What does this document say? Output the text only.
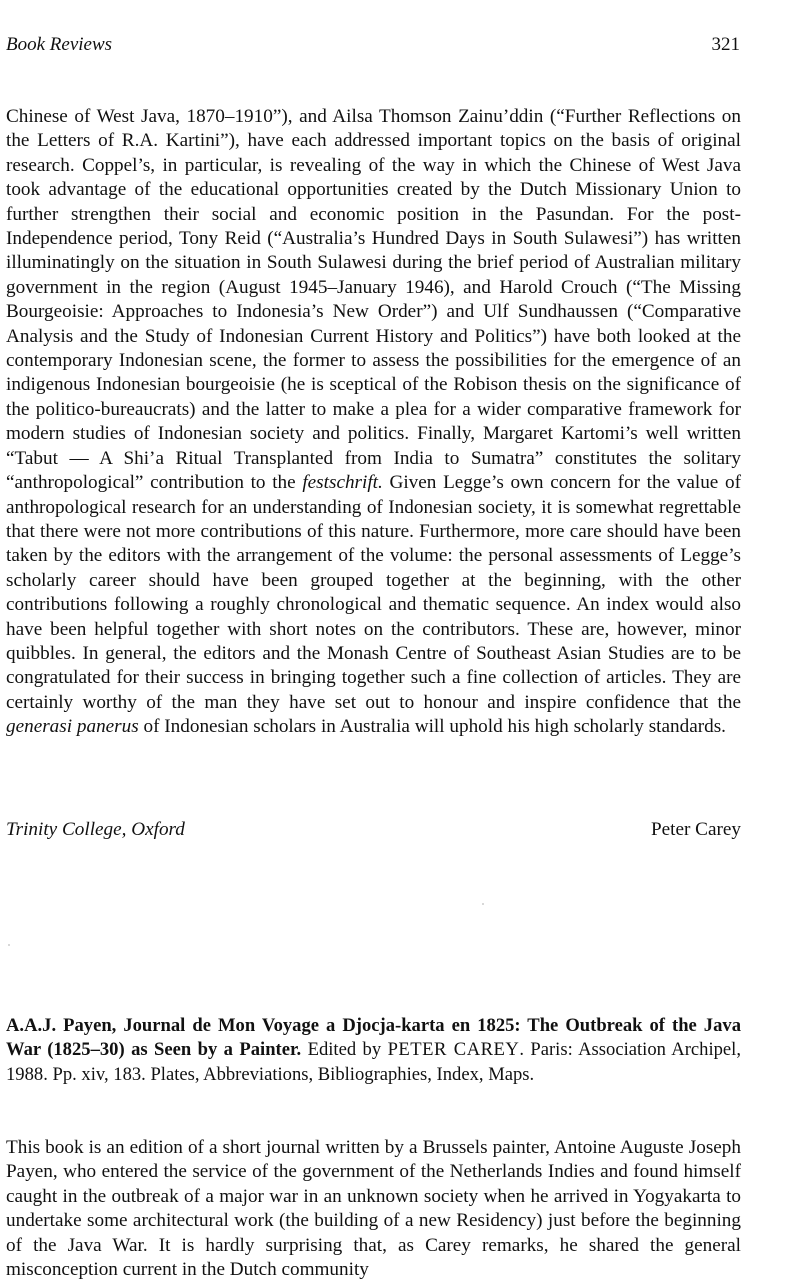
Book Reviews	321

Chinese of West Java, 1870–1910”), and Ailsa Thomson Zainu’ddin (“Further Reflections on the Letters of R.A. Kartini”), have each addressed important topics on the basis of original research. Coppel’s, in particular, is revealing of the way in which the Chinese of West Java took advantage of the educational opportunities created by the Dutch Missionary Union to further strengthen their social and economic position in the Pasundan. For the post-Independence period, Tony Reid (“Australia’s Hundred Days in South Sulawesi”) has written illuminatingly on the situation in South Sulawesi during the brief period of Australian military government in the region (August 1945–January 1946), and Harold Crouch (“The Missing Bourgeoisie: Approaches to Indonesia’s New Order”) and Ulf Sundhaussen (“Comparative Analysis and the Study of Indonesian Current History and Politics”) have both looked at the contemporary Indonesian scene, the former to assess the possibilities for the emergence of an indigenous Indonesian bourgeoisie (he is sceptical of the Robison thesis on the significance of the politico-bureaucrats) and the latter to make a plea for a wider comparative framework for modern studies of Indonesian society and politics. Finally, Margaret Kartomi’s well written “Tabut — A Shi’a Ritual Transplanted from India to Sumatra” constitutes the solitary “anthropological” contribution to the festschrift. Given Legge’s own concern for the value of anthropological research for an understanding of Indonesian society, it is somewhat regrettable that there were not more contributions of this nature. Furthermore, more care should have been taken by the editors with the arrangement of the volume: the personal assessments of Legge’s scholarly career should have been grouped together at the beginning, with the other contributions following a roughly chronological and thematic sequence. An index would also have been helpful together with short notes on the contributors. These are, however, minor quibbles. In general, the editors and the Monash Centre of Southeast Asian Studies are to be congratulated for their success in bringing together such a fine collection of articles. They are certainly worthy of the man they have set out to honour and inspire confidence that the generasi panerus of Indonesian scholars in Australia will uphold his high scholarly standards.

Trinity College, Oxford	Peter Carey

A.A.J. Payen, Journal de Mon Voyage a Djocja-karta en 1825: The Outbreak of the Java War (1825–30) as Seen by a Painter. Edited by PETER CAREY. Paris: Association Archipel, 1988. Pp. xiv, 183. Plates, Abbreviations, Bibliographies, Index, Maps.

This book is an edition of a short journal written by a Brussels painter, Antoine Auguste Joseph Payen, who entered the service of the government of the Netherlands Indies and found himself caught in the outbreak of a major war in an unknown society when he arrived in Yogyakarta to undertake some architectural work (the building of a new Residency) just before the beginning of the Java War. It is hardly surprising that, as Carey remarks, he shared the general misconception current in the Dutch community
